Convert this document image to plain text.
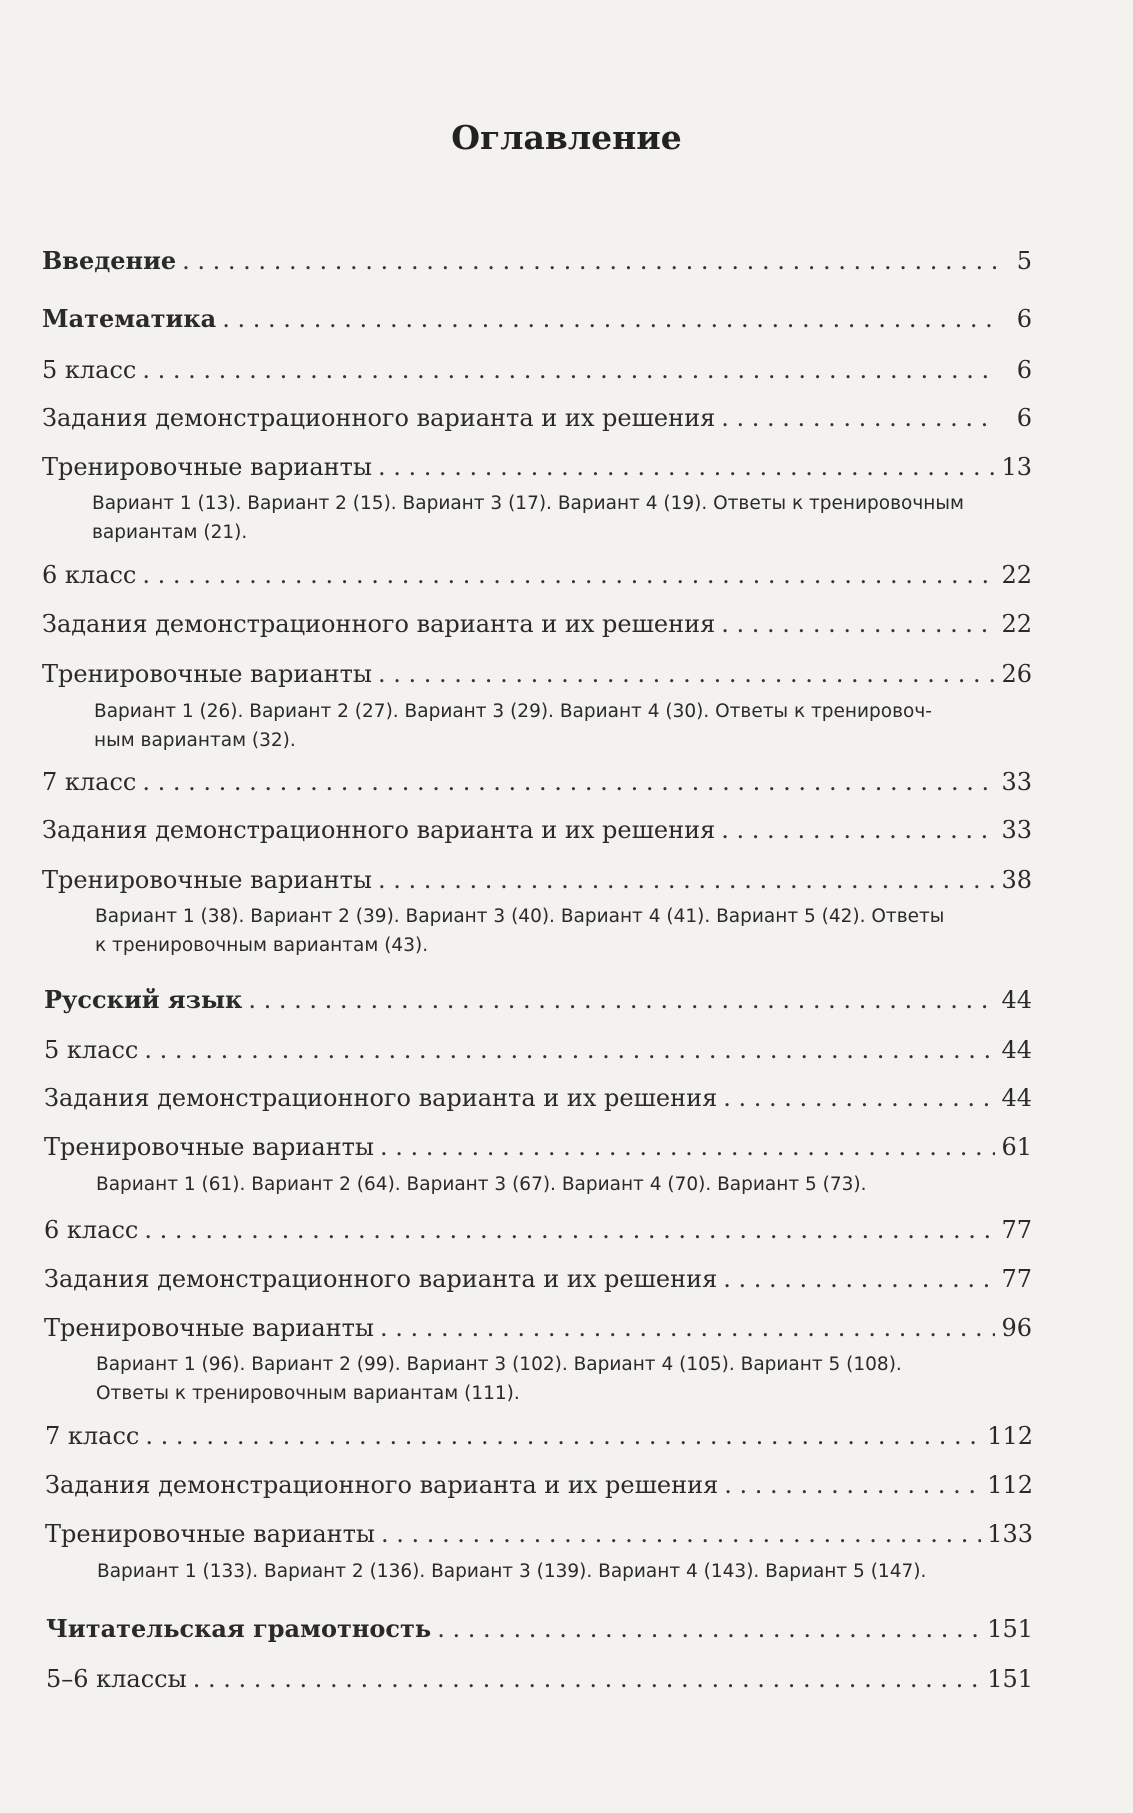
Оглавление
Введение . . .	5
Математика . . .	6
5 класс . . .	6
Задания демонстрационного варианта и их решения . . .	6
Тренировочные варианты . . .	13
Вариант 1 (13). Вариант 2 (15). Вариант 3 (17). Вариант 4 (19). Ответы к тренировочным
вариантам (21).
6 класс . . .	22
Задания демонстрационного варианта и их решения . . .	22
Тренировочные варианты . . .	26
Вариант 1 (26). Вариант 2 (27). Вариант 3 (29). Вариант 4 (30). Ответы к тренировоч-
ным вариантам (32).
7 класс . . .	33
Задания демонстрационного варианта и их решения . . .	33
Тренировочные варианты . . .	38
Вариант 1 (38). Вариант 2 (39). Вариант 3 (40). Вариант 4 (41). Вариант 5 (42). Ответы
к тренировочным вариантам (43).
Русский язык . . .	44
5 класс . . .	44
Задания демонстрационного варианта и их решения . . .	44
Тренировочные варианты . . .	61
Вариант 1 (61). Вариант 2 (64). Вариант 3 (67). Вариант 4 (70). Вариант 5 (73).
6 класс . . .	77
Задания демонстрационного варианта и их решения . . .	77
Тренировочные варианты . . .	96
Вариант 1 (96). Вариант 2 (99). Вариант 3 (102). Вариант 4 (105). Вариант 5 (108).
Ответы к тренировочным вариантам (111).
7 класс . . .	112
Задания демонстрационного варианта и их решения . . .	112
Тренировочные варианты . . .	133
Вариант 1 (133). Вариант 2 (136). Вариант 3 (139). Вариант 4 (143). Вариант 5 (147).
Читательская грамотность . . .	151
5–6 классы . . .	151
